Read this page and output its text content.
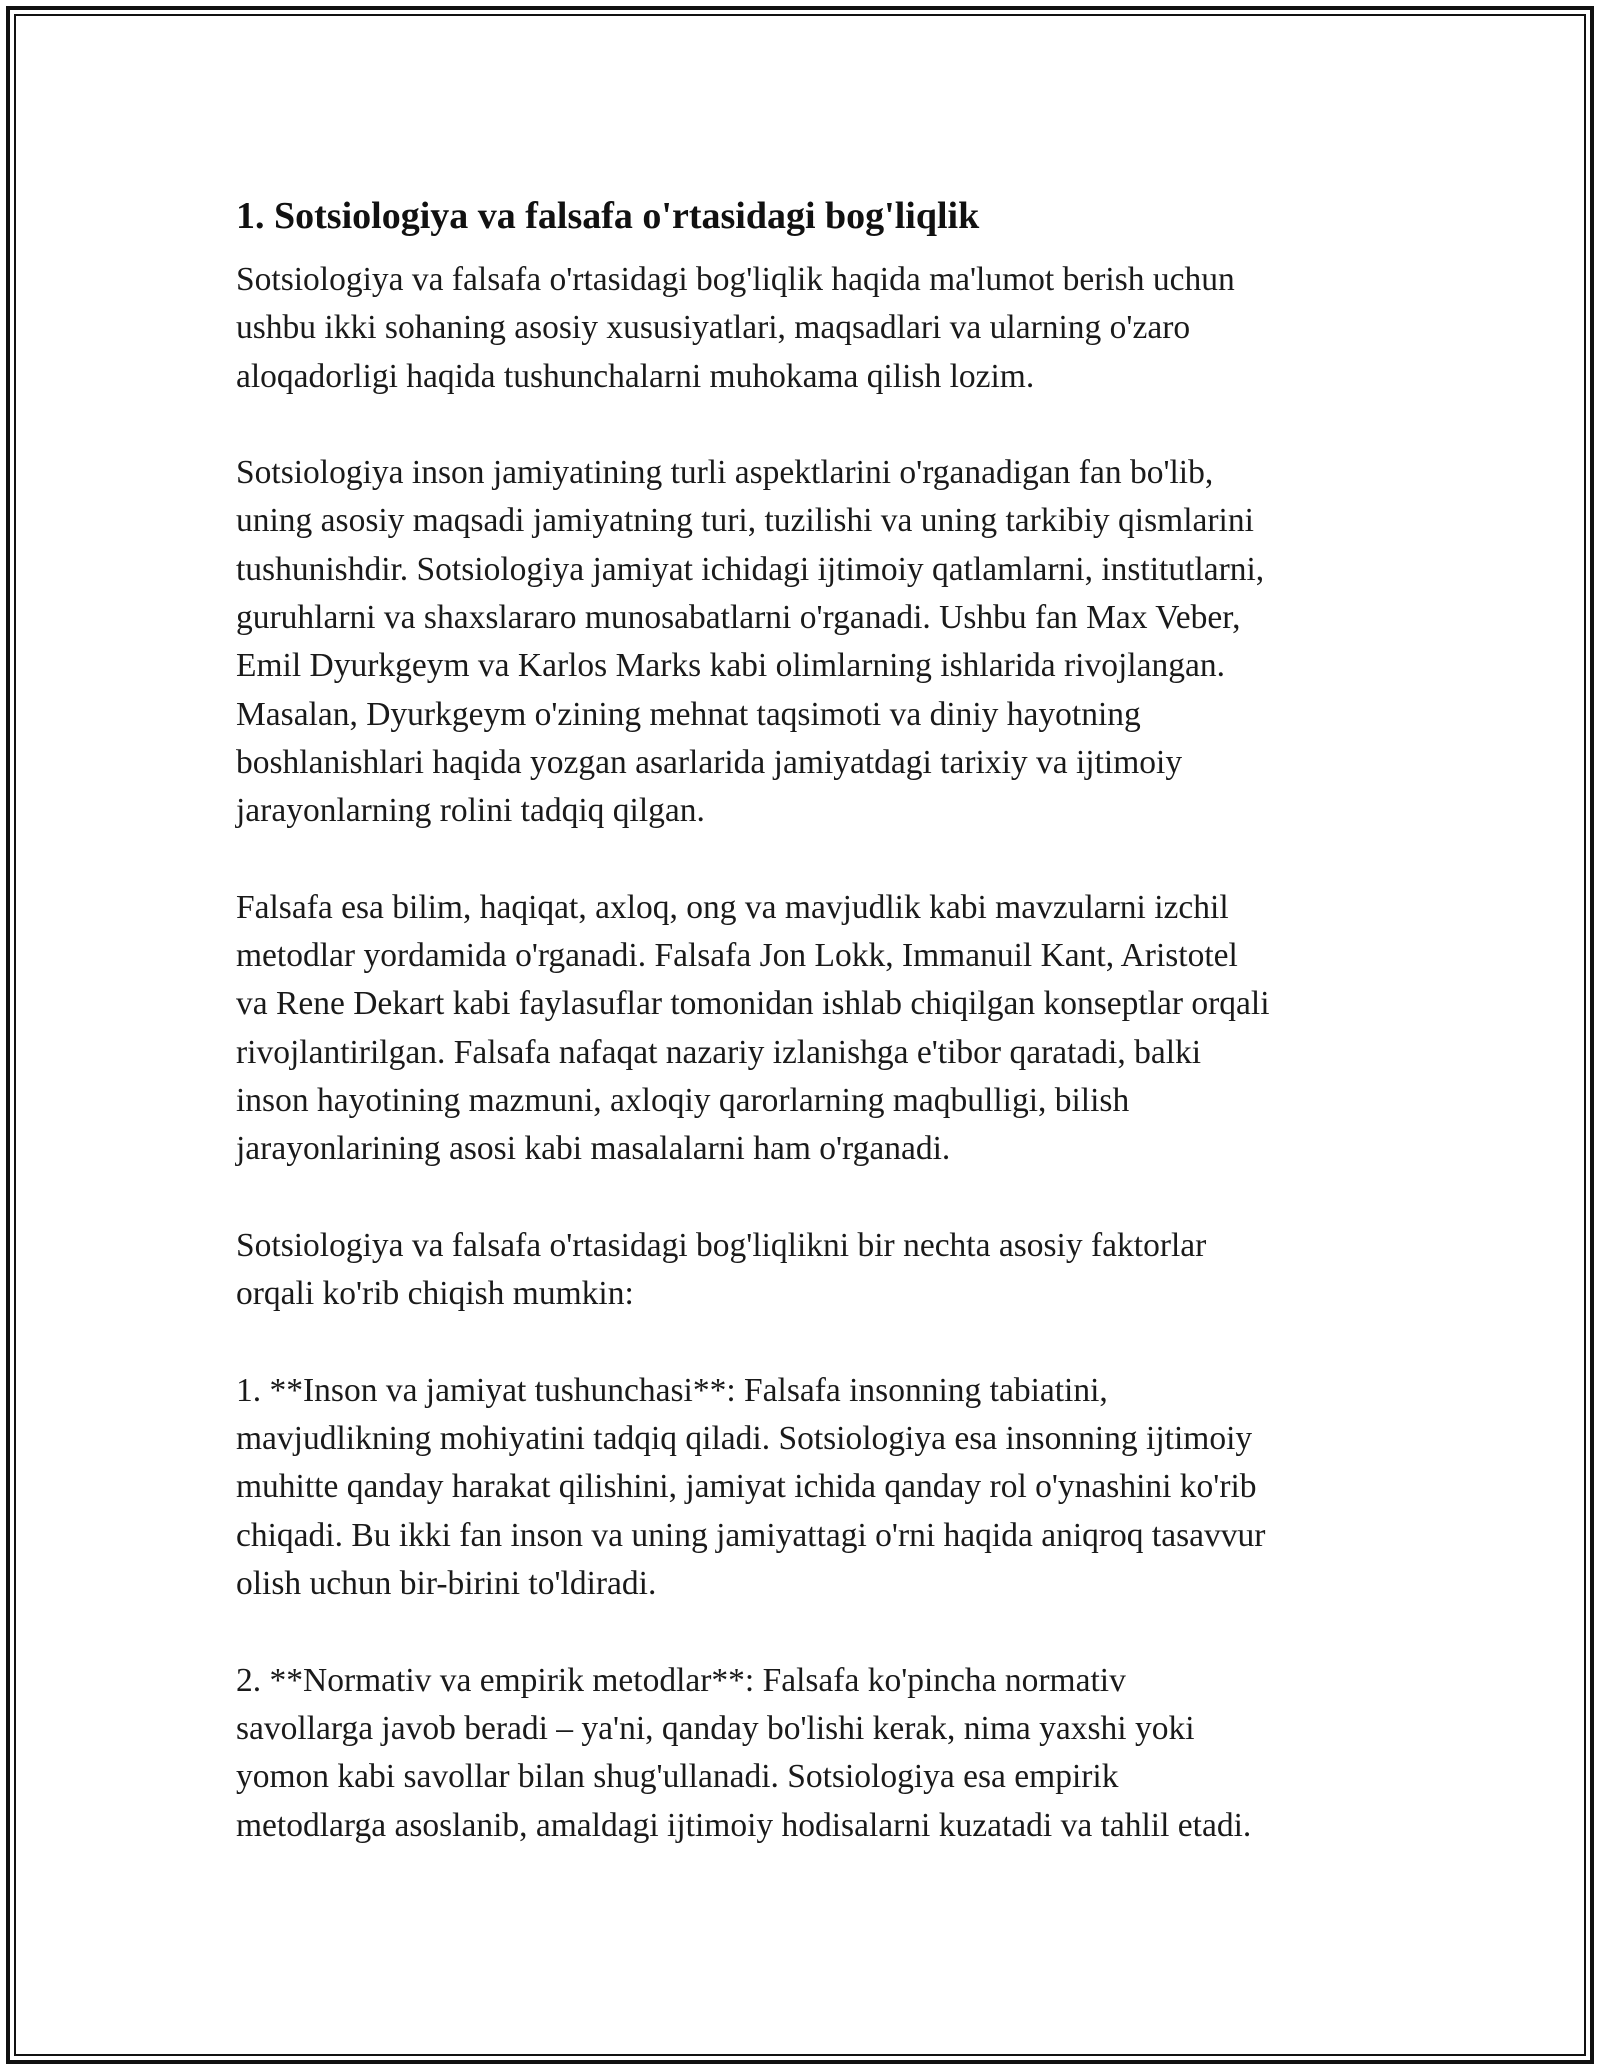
1. Sotsiologiya va falsafa o'rtasidagi bog'liqlik

Sotsiologiya va falsafa o'rtasidagi bog'liqlik haqida ma'lumot berish uchun
ushbu ikki sohaning asosiy xususiyatlari, maqsadlari va ularning o'zaro
aloqadorligi haqida tushunchalarni muhokama qilish lozim.

Sotsiologiya inson jamiyatining turli aspektlarini o'rganadigan fan bo'lib,
uning asosiy maqsadi jamiyatning turi, tuzilishi va uning tarkibiy qismlarini
tushunishdir. Sotsiologiya jamiyat ichidagi ijtimoiy qatlamlarni, institutlarni,
guruhlarni va shaxslararo munosabatlarni o'rganadi. Ushbu fan Max Veber,
Emil Dyurkgeym va Karlos Marks kabi olimlarning ishlarida rivojlangan.
Masalan, Dyurkgeym o'zining mehnat taqsimoti va diniy hayotning
boshlanishlari haqida yozgan asarlarida jamiyatdagi tarixiy va ijtimoiy
jarayonlarning rolini tadqiq qilgan.

Falsafa esa bilim, haqiqat, axloq, ong va mavjudlik kabi mavzularni izchil
metodlar yordamida o'rganadi. Falsafa Jon Lokk, Immanuil Kant, Aristotel
va Rene Dekart kabi faylasuflar tomonidan ishlab chiqilgan konseptlar orqali
rivojlantirilgan. Falsafa nafaqat nazariy izlanishga e'tibor qaratadi, balki
inson hayotining mazmuni, axloqiy qarorlarning maqbulligi, bilish
jarayonlarining asosi kabi masalalarni ham o'rganadi.

Sotsiologiya va falsafa o'rtasidagi bog'liqlikni bir nechta asosiy faktorlar
orqali ko'rib chiqish mumkin:

1. **Inson va jamiyat tushunchasi**: Falsafa insonning tabiatini,
mavjudlikning mohiyatini tadqiq qiladi. Sotsiologiya esa insonning ijtimoiy
muhitte qanday harakat qilishini, jamiyat ichida qanday rol o'ynashini ko'rib
chiqadi. Bu ikki fan inson va uning jamiyattagi o'rni haqida aniqroq tasavvur
olish uchun bir-birini to'ldiradi.

2. **Normativ va empirik metodlar**: Falsafa ko'pincha normativ
savollarga javob beradi – ya'ni, qanday bo'lishi kerak, nima yaxshi yoki
yomon kabi savollar bilan shug'ullanadi. Sotsiologiya esa empirik
metodlarga asoslanib, amaldagi ijtimoiy hodisalarni kuzatadi va tahlil etadi.
